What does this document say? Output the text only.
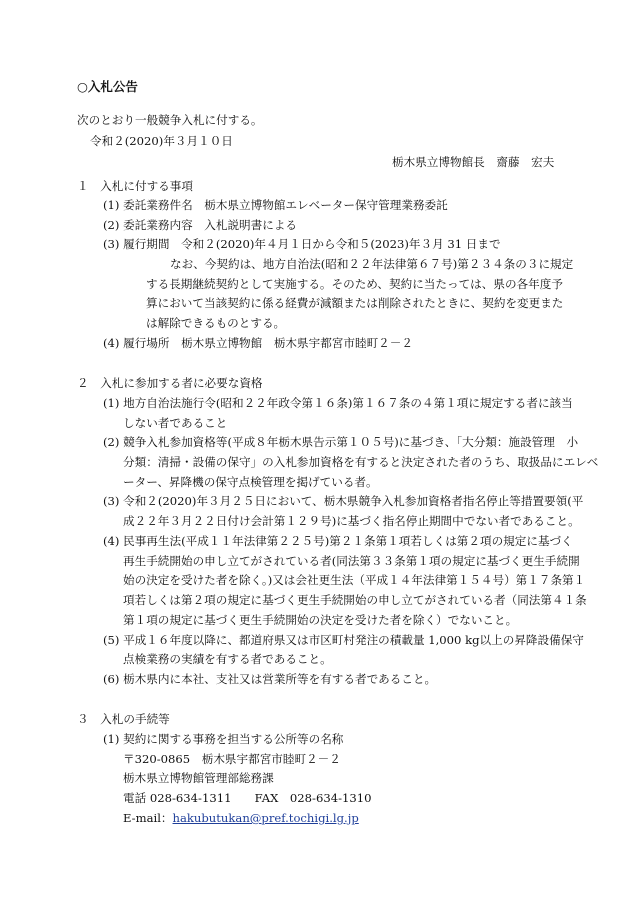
○入札公告
次のとおり一般競争入札に付する。
令和２(2020)年３月１０日
栃木県立博物館長　齋藤　宏夫
１　入札に付する事項
(1) 委託業務件名　栃木県立博物館エレベーター保守管理業務委託
(2) 委託業務内容　入札説明書による
(3) 履行期間　令和２(2020)年４月１日から令和５(2023)年３月 31 日まで
なお、今契約は、地方自治法(昭和２２年法律第６７号)第２３４条の３に規定
する長期継続契約として実施する。そのため、契約に当たっては、県の各年度予
算において当該契約に係る経費が減額または削除されたときに、契約を変更また
は解除できるものとする。
(4) 履行場所　栃木県立博物館　栃木県宇都宮市睦町２－２
２　入札に参加する者に必要な資格
(1) 地方自治法施行令(昭和２２年政令第１６条)第１６７条の４第１項に規定する者に該当
しない者であること
(2) 競争入札参加資格等(平成８年栃木県告示第１０５号)に基づき、「大分類：施設管理　小
分類：清掃・設備の保守」の入札参加資格を有すると決定された者のうち、取扱品にエレベ
ーター、昇降機の保守点検管理を掲げている者。
(3) 令和２(2020)年３月２５日において、栃木県競争入札参加資格者指名停止等措置要領(平
成２２年３月２２日付け会計第１２９号)に基づく指名停止期間中でない者であること。
(4) 民事再生法(平成１１年法律第２２５号)第２１条第１項若しくは第２項の規定に基づく
再生手続開始の申し立てがされている者(同法第３３条第１項の規定に基づく更生手続開
始の決定を受けた者を除く。)又は会社更生法（平成１４年法律第１５４号）第１７条第１
項若しくは第２項の規定に基づく更生手続開始の申し立てがされている者（同法第４１条
第１項の規定に基づく更生手続開始の決定を受けた者を除く）でないこと。
(5) 平成１６年度以降に、都道府県又は市区町村発注の積載量 1,000 kg以上の昇降設備保守
点検業務の実績を有する者であること。
(6) 栃木県内に本社、支社又は営業所等を有する者であること。
３　入札の手続等
(1) 契約に関する事務を担当する公所等の名称
〒320-0865　栃木県宇都宮市睦町２－２
栃木県立博物館管理部総務課
電話 028-634-1311　　FAX　028-634-1310
E-mail：hakubutukan@pref.tochigi.lg.jp
